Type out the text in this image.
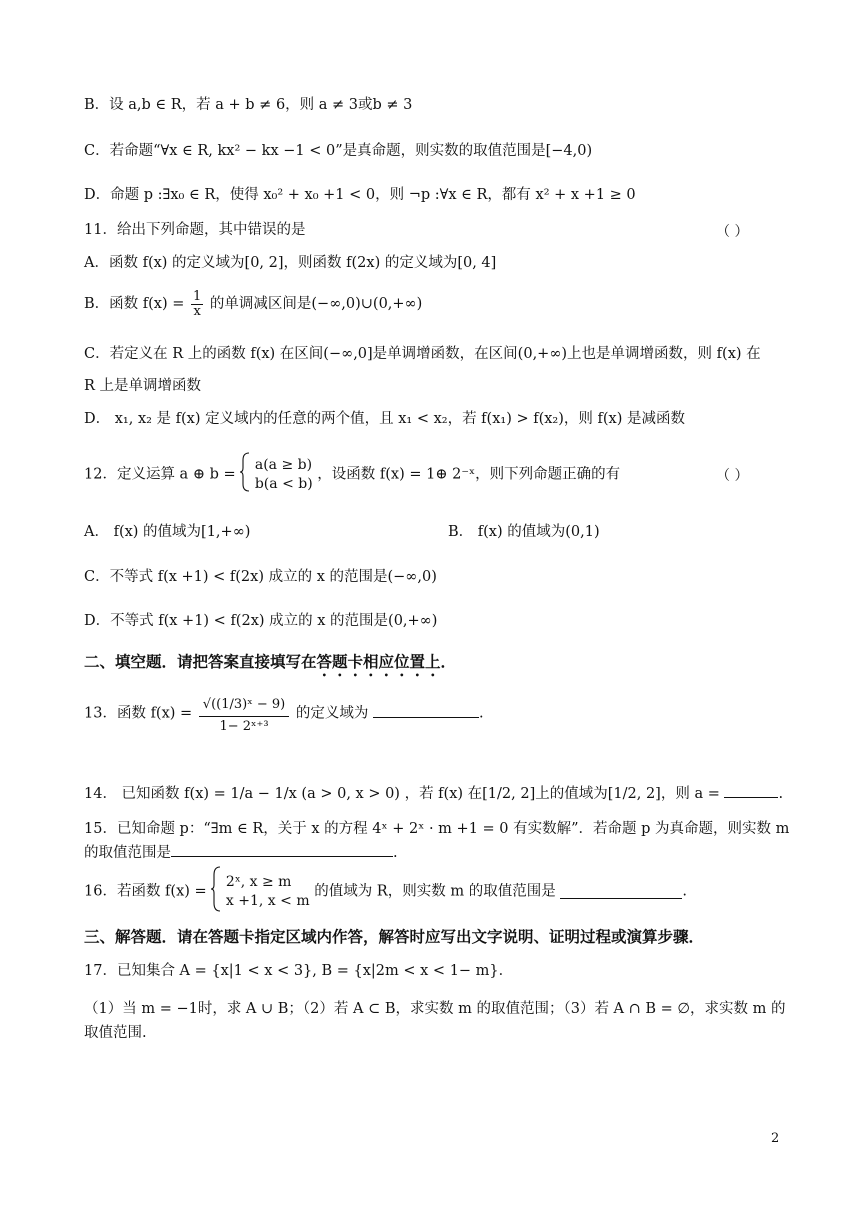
B．设 a,b ∈ R，若 a + b ≠ 6，则 a ≠ 3或b ≠ 3
C．若命题“∀x ∈ R, kx² − kx −1 < 0”是真命题，则实数的取值范围是[−4,0)
D．命题 p :∃x₀ ∈ R，使得 x₀² + x₀ +1 < 0，则 ¬p :∀x ∈ R，都有 x² + x +1 ≥ 0
11．给出下列命题，其中错误的是	（ ）
A．函数 f(x) 的定义域为[0, 2]，则函数 f(2x) 的定义域为[0, 4]
B．函数 $f(x) = \frac{1}{x}$ 的单调减区间是(−∞,0)∪(0,+∞)
C．若定义在 R 上的函数 f(x) 在区间(−∞,0]是单调增函数，在区间(0,+∞)上也是单调增函数，则 f(x) 在
R 上是单调增函数
D． x₁, x₂ 是 f(x) 定义域内的任意的两个值，且 x₁ < x₂，若 f(x₁) > f(x₂)，则 f(x) 是减函数
12．定义运算 a ⊕ b =
a(a ≥ b)
b(a < b)
，设函数 f(x) = 1⊕ 2⁻ˣ，则下列命题正确的有	（ ）
A． f(x) 的值域为[1,+∞)	B． f(x) 的值域为(0,1)
C．不等式 f(x +1) < f(2x) 成立的 x 的范围是(−∞,0)
D．不等式 f(x +1) < f(2x) 成立的 x 的范围是(0,+∞)
二、填空题．请把答案直接填写在答题卡相应位置上．
13．函数 $f(x) = \frac{\text{√((1/3)ˣ − 9)}}{\text{1− 2ˣ⁺³}}$ 的定义域为	.
14． 已知函数 f(x) = 1/a − 1/x (a > 0, x > 0) ，若 f(x) 在[1/2, 2]上的值域为[1/2, 2]，则 a =	.
15．已知命题 p：“∃m ∈ R，关于 x 的方程 4ˣ + 2ˣ · m +1 = 0 有实数解”．若命题 p 为真命题，则实数 m
的取值范围是	.
16．若函数 f(x) =
2ˣ, x ≥ m
x +1, x < m
的值域为 R，则实数 m 的取值范围是	.
三、解答题．请在答题卡指定区域内作答，解答时应写出文字说明、证明过程或演算步骤．
17．已知集合 A = {x|1 < x < 3}, B = {x|2m < x < 1− m}．
（1）当 m = −1时，求 A ∪ B；（2）若 A ⊂ B，求实数 m 的取值范围；（3）若 A ∩ B = ∅，求实数 m 的
取值范围.
2
